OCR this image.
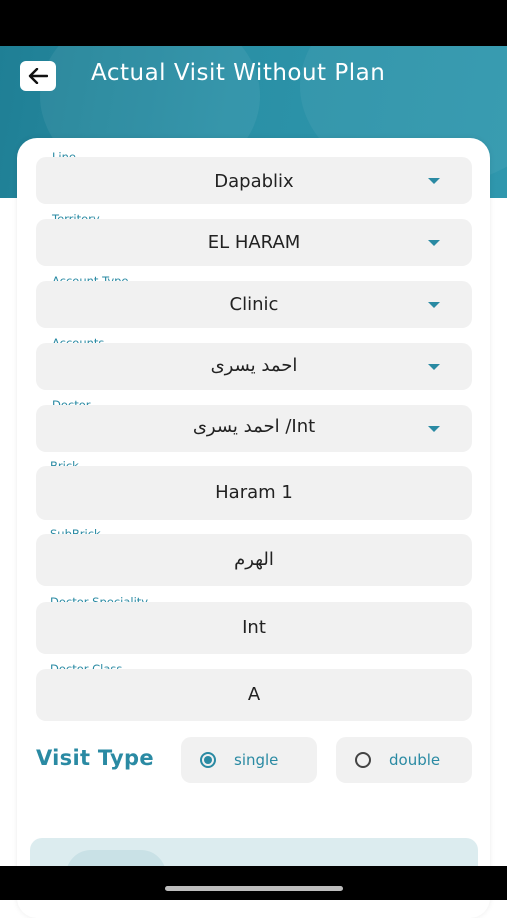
Actual Visit Without Plan
Dapablix
EL HARAM
Clinic
احمد يسرى
احمد يسرى /Int
Haram 1
الهرم
Int
A
Visit Type	single	double
